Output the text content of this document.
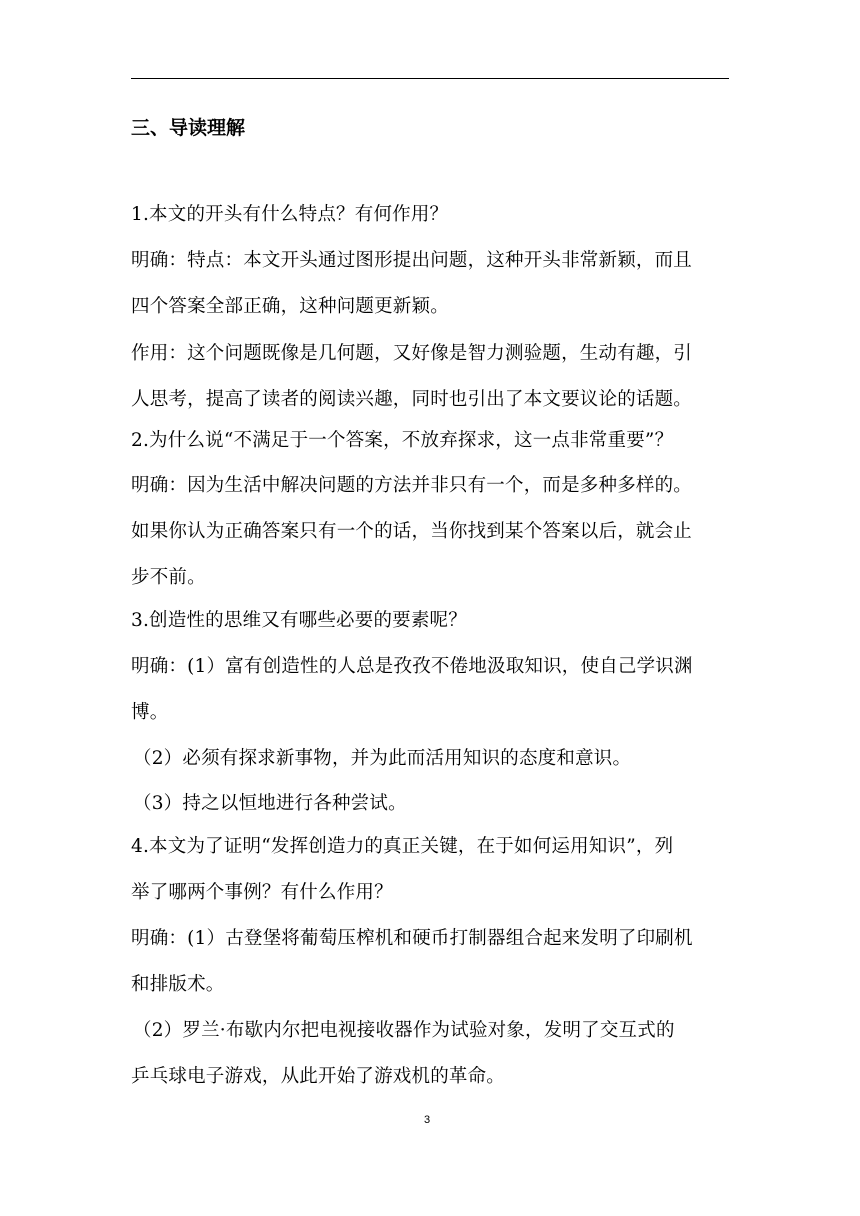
三、导读理解
1.本文的开头有什么特点？有何作用？
明确：特点：本文开头通过图形提出问题，这种开头非常新颖，而且
四个答案全部正确，这种问题更新颖。
作用：这个问题既像是几何题，又好像是智力测验题，生动有趣，引
人思考，提高了读者的阅读兴趣，同时也引出了本文要议论的话题。
2.为什么说“不满足于一个答案，不放弃探求，这一点非常重要”？
明确：因为生活中解决问题的方法并非只有一个，而是多种多样的。
如果你认为正确答案只有一个的话，当你找到某个答案以后，就会止
步不前。
3.创造性的思维又有哪些必要的要素呢？
明确：(1）富有创造性的人总是孜孜不倦地汲取知识，使自己学识渊
博。
（2）必须有探求新事物，并为此而活用知识的态度和意识。
（3）持之以恒地进行各种尝试。
4.本文为了证明“发挥创造力的真正关键，在于如何运用知识”，列
举了哪两个事例？有什么作用？
明确：(1）古登堡将葡萄压榨机和硬币打制器组合起来发明了印刷机
和排版术。
（2）罗兰·布歇内尔把电视接收器作为试验对象，发明了交互式的
乒乓球电子游戏，从此开始了游戏机的革命。
3
